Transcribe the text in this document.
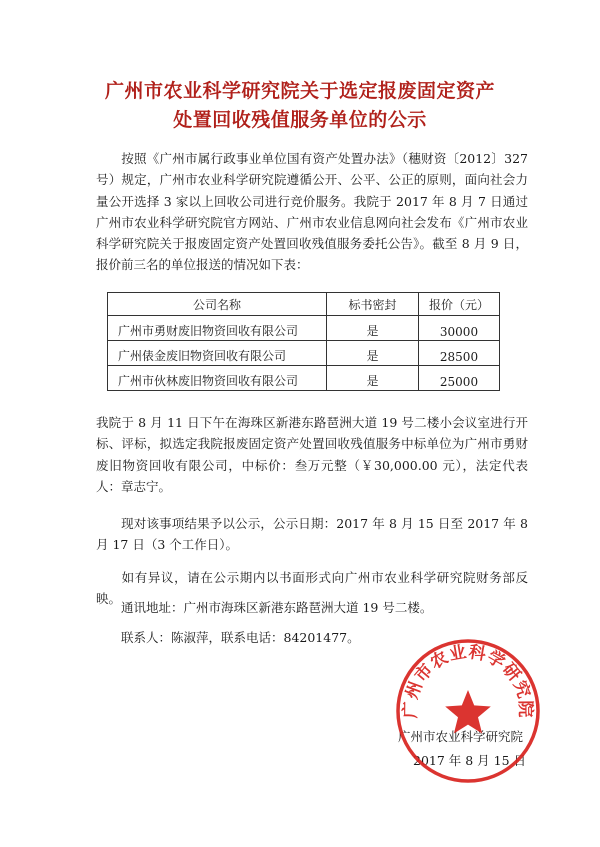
广州市农业科学研究院关于选定报废固定资产
处置回收残值服务单位的公示
按照《广州市属行政事业单位国有资产处置办法》（穗财资〔2012〕327 号）规定，广州市农业科学研究院遵循公开、公平、公正的原则，面向社会力量公开选择 3 家以上回收公司进行竞价服务。我院于 2017 年 8 月 7 日通过广州市农业科学研究院官方网站、广州市农业信息网向社会发布《广州市农业科学研究院关于报废固定资产处置回收残值服务委托公告》。截至 8 月 9 日，报价前三名的单位报送的情况如下表：
公司名称	标书密封	报价（元）
广州市勇财废旧物资回收有限公司	是	30000
广州俵金废旧物资回收有限公司	是	28500
广州市伙林废旧物资回收有限公司	是	25000
我院于 8 月 11 日下午在海珠区新港东路琶洲大道 19 号二楼小会议室进行开标、评标，拟选定我院报废固定资产处置回收残值服务中标单位为广州市勇财废旧物资回收有限公司，中标价：叁万元整（￥30,000.00 元），法定代表人：章志宁。
现对该事项结果予以公示，公示日期：2017 年 8 月 15 日至 2017 年 8 月 17 日（3 个工作日）。
如有异议，请在公示期内以书面形式向广州市农业科学研究院财务部反映。
通讯地址：广州市海珠区新港东路琶洲大道 19 号二楼。
联系人：陈淑萍，联系电话：84201477。
广州市农业科学研究院
2017 年 8 月 15 日
广州市农业科学研究院
